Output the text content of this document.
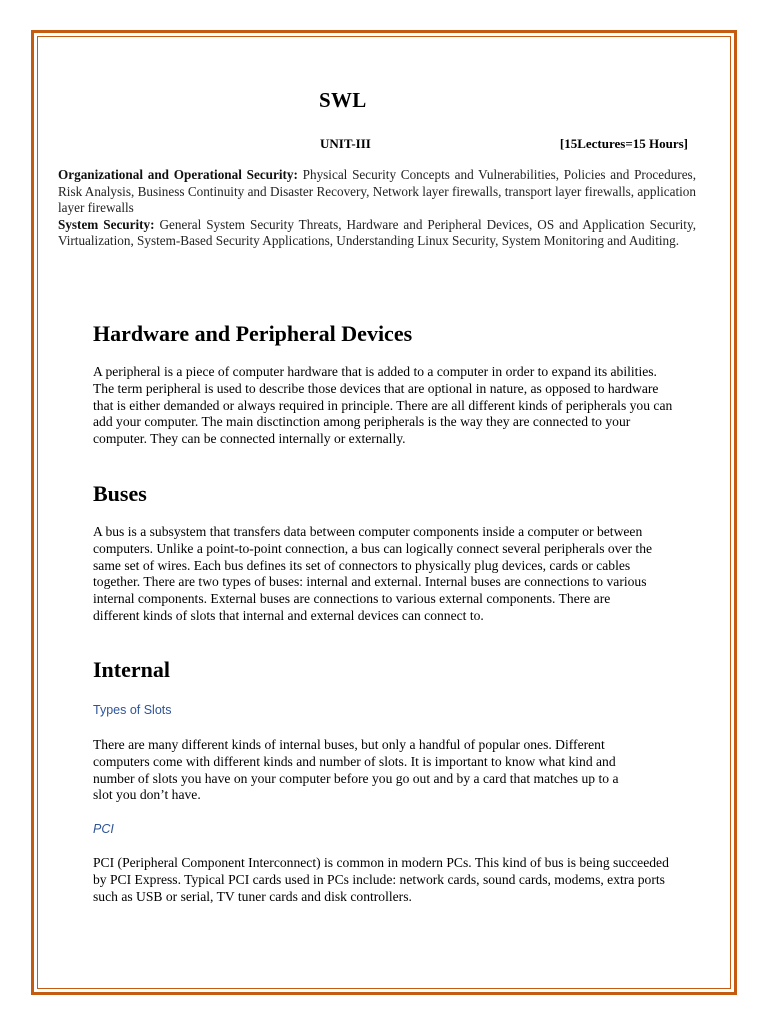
SWL
UNIT-III	[15Lectures=15 Hours]

Organizational and Operational Security: Physical Security Concepts and Vulnerabilities, Policies and Procedures, Risk Analysis, Business Continuity and Disaster Recovery, Network layer firewalls, transport layer firewalls, application layer firewalls

System Security: General System Security Threats, Hardware and Peripheral Devices, OS and Application Security, Virtualization, System-Based Security Applications, Understanding Linux Security, System Monitoring and Auditing.

Hardware and Peripheral Devices

A peripheral is a piece of computer hardware that is added to a computer in order to expand its abilities. The term peripheral is used to describe those devices that are optional in nature, as opposed to hardware that is either demanded or always required in principle. There are all different kinds of peripherals you can add your computer. The main disctinction among peripherals is the way they are connected to your computer. They can be connected internally or externally.

Buses

A bus is a subsystem that transfers data between computer components inside a computer or between computers. Unlike a point-to-point connection, a bus can logically connect several peripherals over the same set of wires. Each bus defines its set of connectors to physically plug devices, cards or cables together. There are two types of buses: internal and external. Internal buses are connections to various internal components. External buses are connections to various external components. There are different kinds of slots that internal and external devices can connect to.

Internal

Types of Slots

There are many different kinds of internal buses, but only a handful of popular ones. Different computers come with different kinds and number of slots. It is important to know what kind and number of slots you have on your computer before you go out and by a card that matches up to a slot you don’t have.

PCI

PCI (Peripheral Component Interconnect) is common in modern PCs. This kind of bus is being succeeded by PCI Express. Typical PCI cards used in PCs include: network cards, sound cards, modems, extra ports such as USB or serial, TV tuner cards and disk controllers.
